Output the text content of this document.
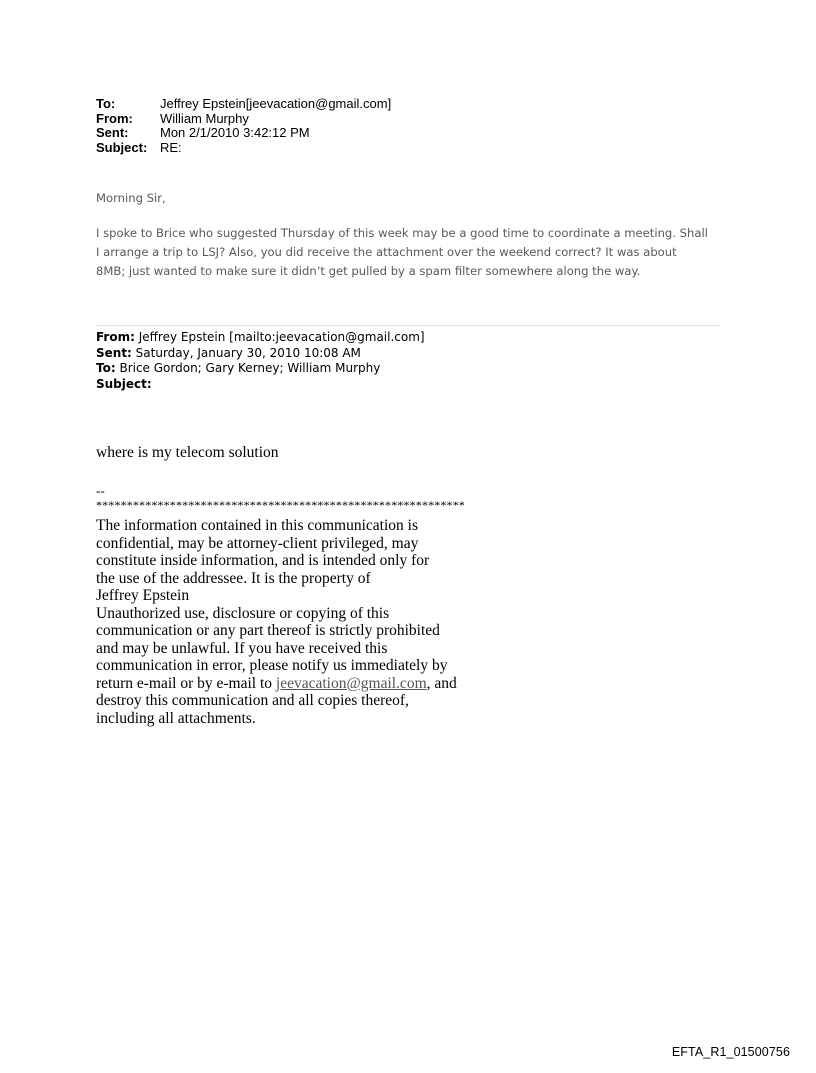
To:	Jeffrey Epstein[jeevacation@gmail.com]
From:	William Murphy
Sent:	Mon 2/1/2010 3:42:12 PM
Subject: RE:
Morning Sir,
I spoke to Brice who suggested Thursday of this week may be a good time to coordinate a meeting. Shall
I arrange a trip to LSJ? Also, you did receive the attachment over the weekend correct? It was about
8MB; just wanted to make sure it didn’t get pulled by a spam filter somewhere along the way.
From: Jeffrey Epstein [mailto:jeevacation@gmail.com]
Sent: Saturday, January 30, 2010 10:08 AM
To: Brice Gordon; Gary Kerney; William Murphy
Subject:
where is my telecom solution
--
************************************************************
The information contained in this communication is
confidential, may be attorney-client privileged, may
constitute inside information, and is intended only for
the use of the addressee. It is the property of
Jeffrey Epstein
Unauthorized use, disclosure or copying of this
communication or any part thereof is strictly prohibited
and may be unlawful. If you have received this
communication in error, please notify us immediately by
return e-mail or by e-mail to jeevacation@gmail.com, and
destroy this communication and all copies thereof,
including all attachments.
EFTA_R1_01500756
